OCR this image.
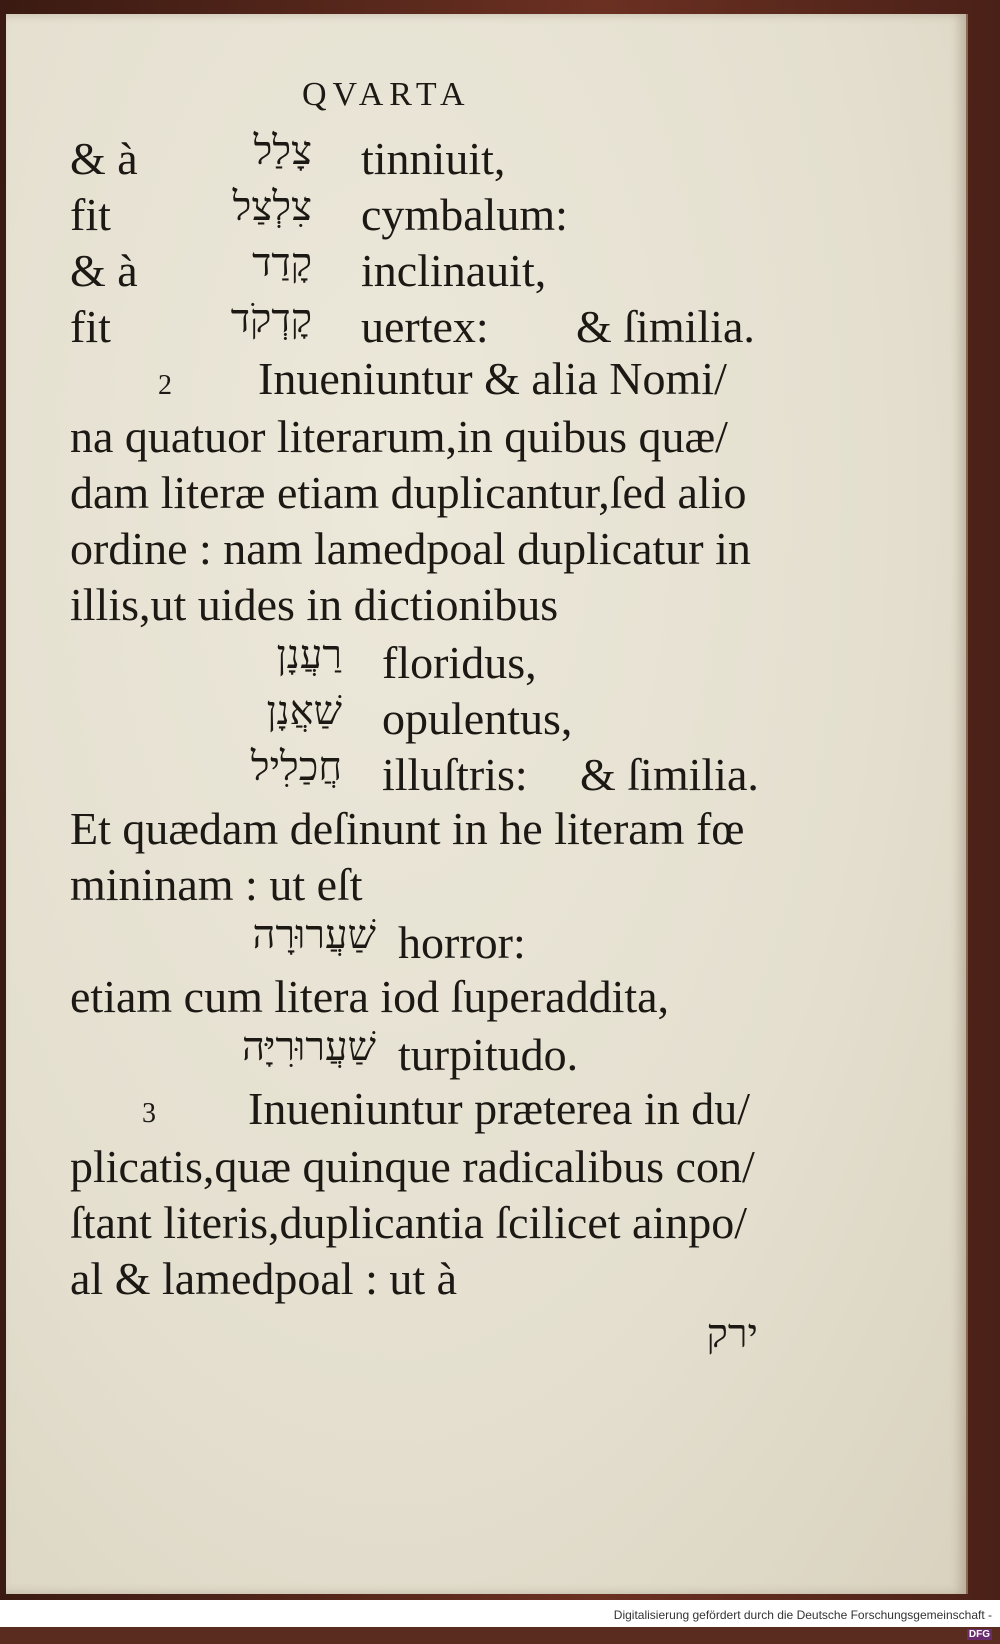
QVARTA
& à	צָלַל tinniuit,
fit	צִלְצַל cymbalum:
& à	קָדַד inclinauit,
fit	קָדְקֹד uertex: & ſimilia.
2 Inueniuntur & alia Nomi/
na quatuor literarum,in quibus quæ/
dam literæ etiam duplicantur,ſed alio
ordine : nam lamedpoal duplicatur in
illis,ut uides in dictionibus
רַעֲנָן floridus,
שַׁאֲנָן opulentus,
חֲכַלִיל illuſtris: & ſimilia.
Et quædam deſinunt in he literam fœ
mininam : ut eſt
שַׁעֲרוּרָה horror:
etiam cum litera iod ſuperaddita,
שַׁעֲרוּרִיָּה turpitudo.
3 Inueniuntur præterea in du/
plicatis,quæ quinque radicalibus con/
ſtant literis,duplicantia ſcilicet ainpo/
al & lamedpoal : ut à
ירק
Digitalisierung gefördert durch die Deutsche Forschungsgemeinschaft -DFG
